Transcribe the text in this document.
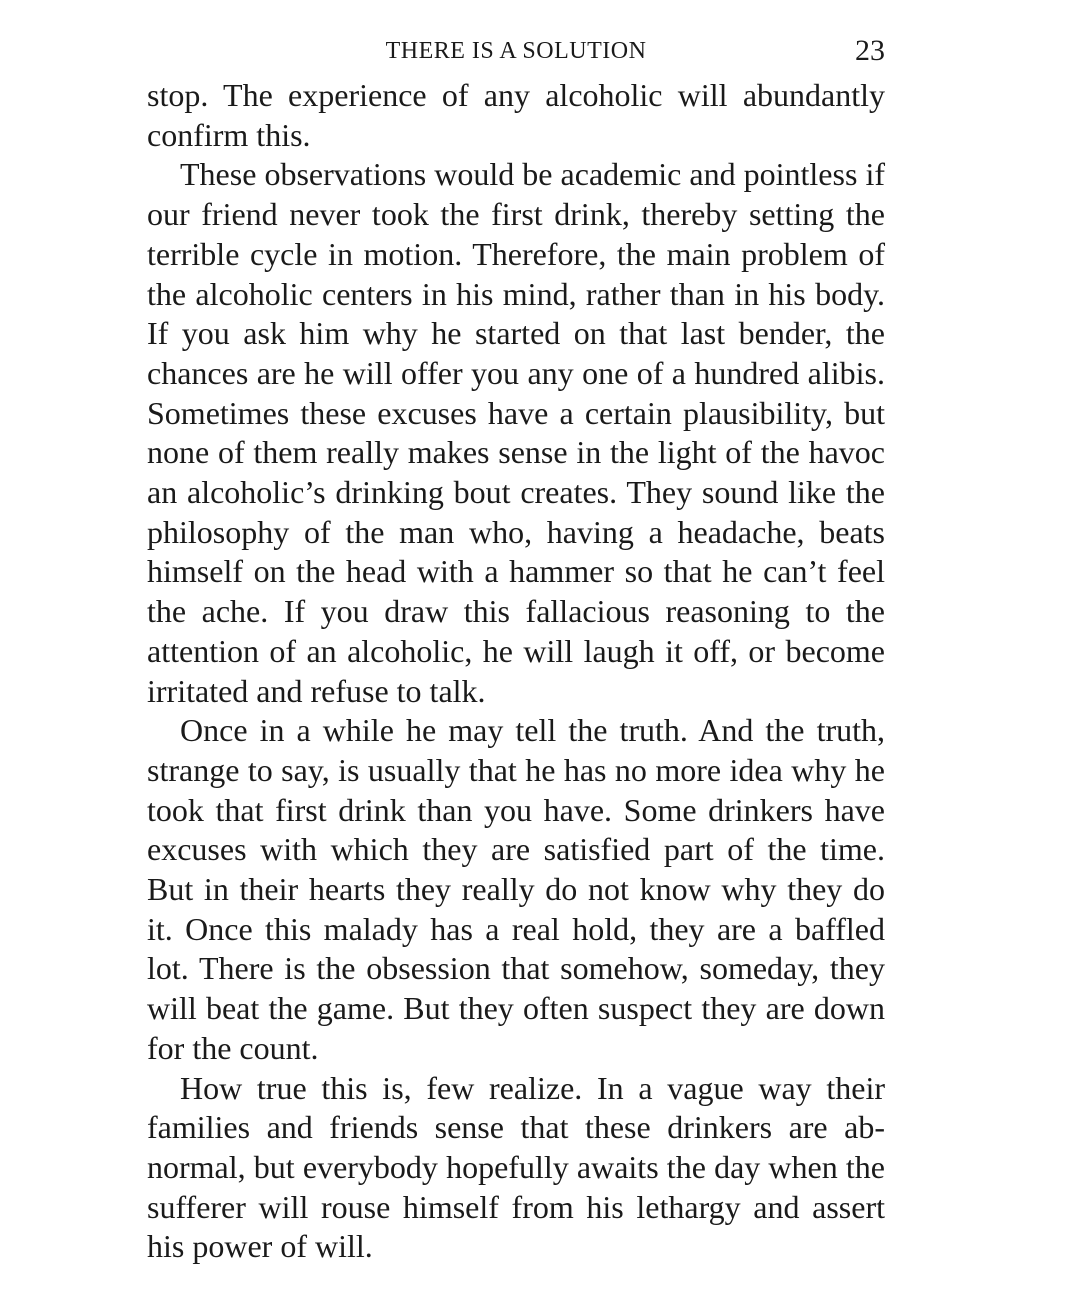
THERE IS A SOLUTION	23

stop. The experience of any alcoholic will abundantly confirm this.

These observations would be academic and pointless if our friend never took the first drink, thereby setting the terrible cycle in motion. Therefore, the main problem of the alcoholic centers in his mind, rather than in his body. If you ask him why he started on that last bender, the chances are he will offer you any one of a hundred alibis. Sometimes these excuses have a certain plausibility, but none of them really makes sense in the light of the havoc an alcoholic’s drinking bout creates. They sound like the philosophy of the man who, having a headache, beats himself on the head with a hammer so that he can’t feel the ache. If you draw this fallacious reasoning to the attention of an alcoholic, he will laugh it off, or become irritated and refuse to talk.

Once in a while he may tell the truth. And the truth, strange to say, is usually that he has no more idea why he took that first drink than you have. Some drinkers have excuses with which they are satisfied part of the time. But in their hearts they really do not know why they do it. Once this malady has a real hold, they are a baffled lot. There is the obsession that somehow, someday, they will beat the game. But they often suspect they are down for the count.

How true this is, few realize. In a vague way their families and friends sense that these drinkers are abnormal, but everybody hopefully awaits the day when the sufferer will rouse himself from his lethargy and assert his power of will.
